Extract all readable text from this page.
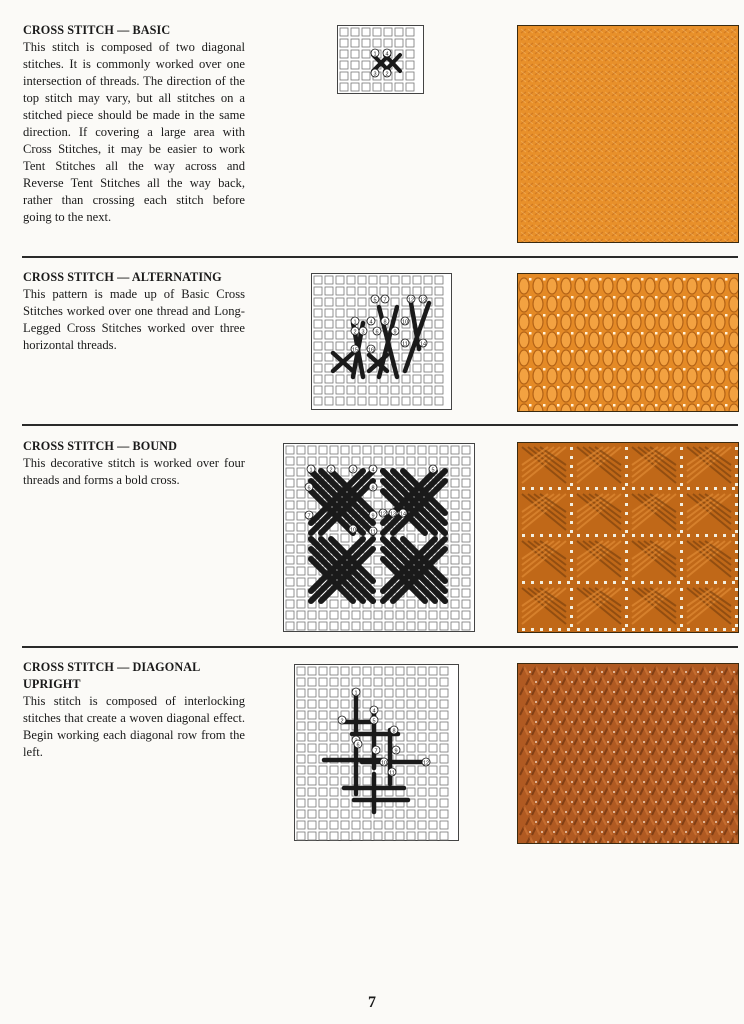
CROSS STITCH — BASIC
This stitch is composed of two diagonal stitches. It is commonly worked over one intersection of threads. The direction of the top stitch may vary, but all stitches on a stitched piece should be made in the same direction. If covering a large area with Cross Stitches, it may be easier to work Tent Stitches all the way across and Reverse Tent Stitches all the way back, rather than crossing each stitch before going to the next.
1
2
3
4
CROSS STITCH — ALTERNATING
This pattern is made up of Basic Cross Stitches worked over one thread and Long-Legged Cross Stitches worked over three horizontal threads.
1
2 3
4
5
6
7
8
9
10
11
12 13
14
15 16
CROSS STITCH — BOUND
This decorative stitch is worked over four threads and forms a bold cross.
1	2	3	4	5
6
7
8
9
10	11
12 13 14
CROSS STITCH — DIAGONAL UPRIGHT
This stitch is composed of interlocking stitches that create a woven diagonal effect. Begin working each diagonal row from the left.
1
2
4
5
6
7
8
9
10
11
12
7
